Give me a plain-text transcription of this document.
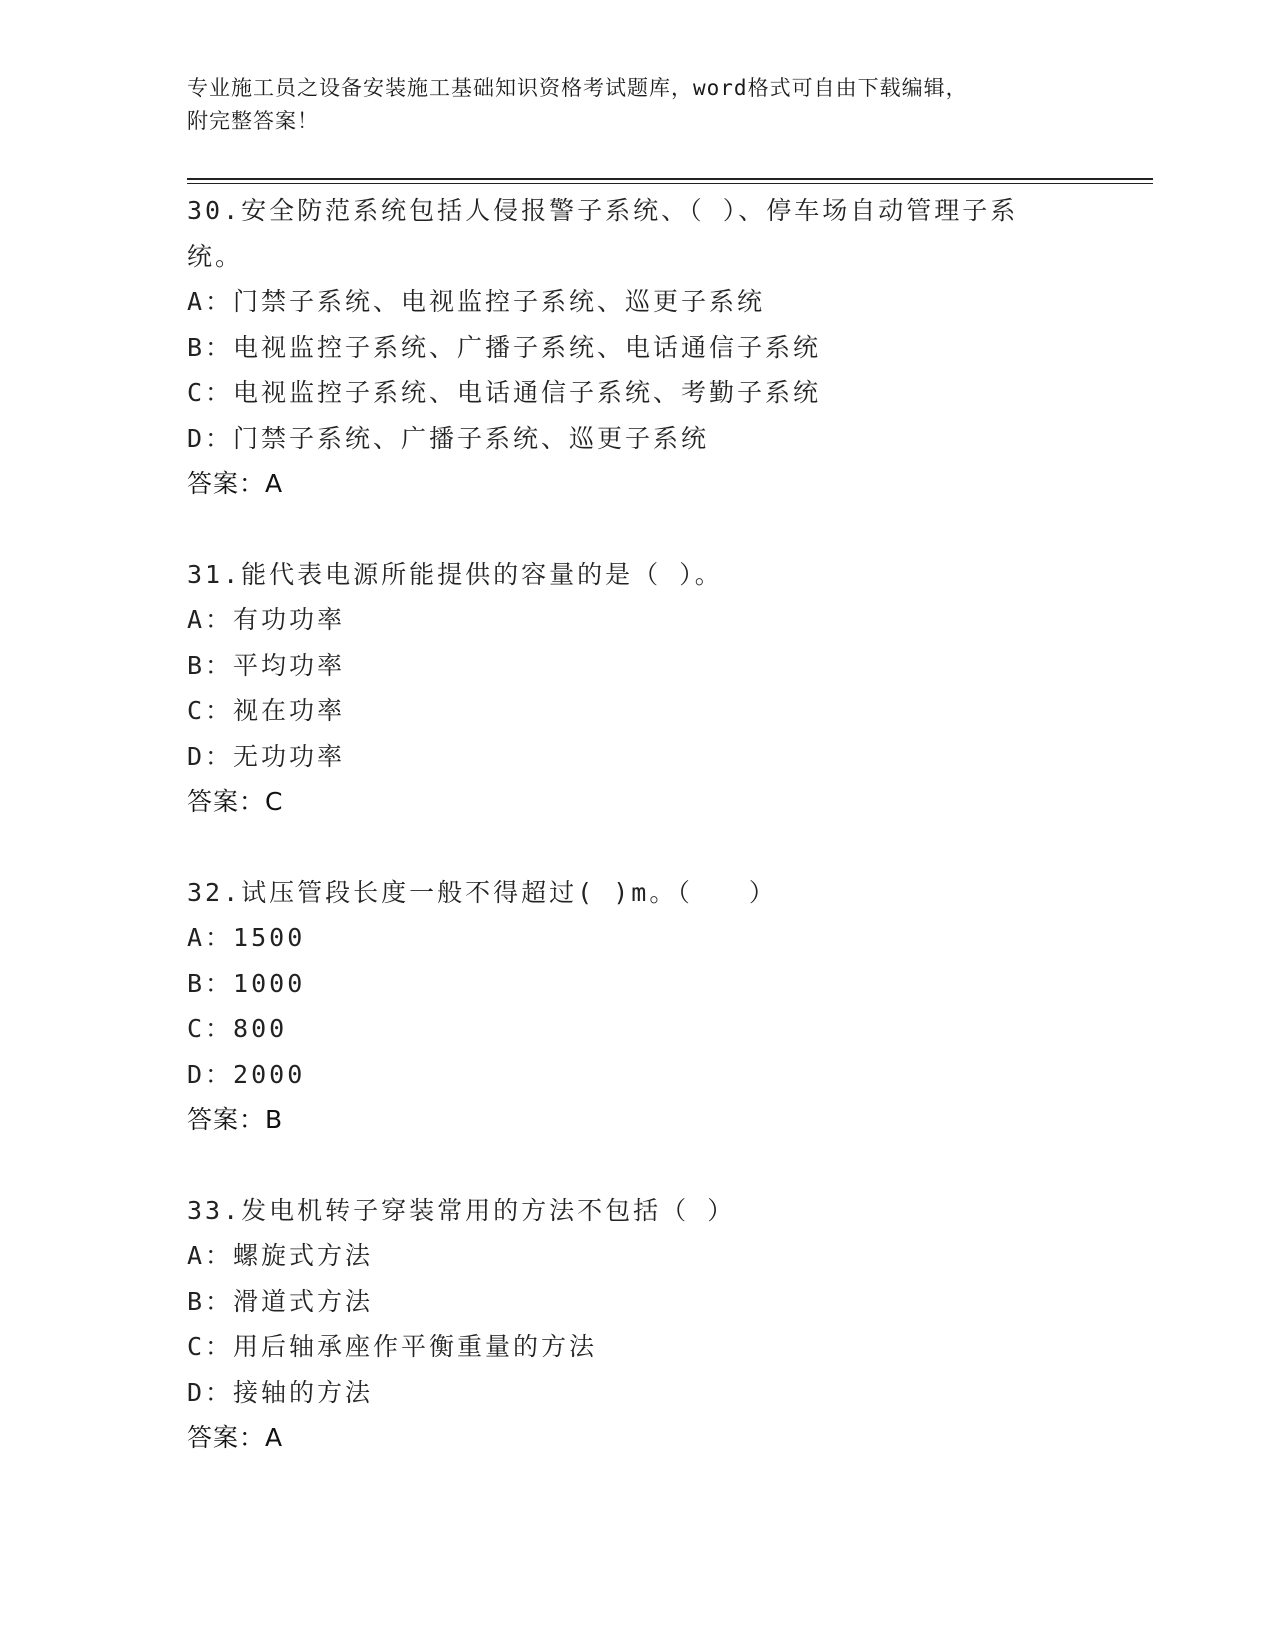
专业施工员之设备安装施工基础知识资格考试题库，word格式可自由下载编辑，
附完整答案！

30.安全防范系统包括人侵报警子系统、（ ）、停车场自动管理子系统。

A：门禁子系统、电视监控子系统、巡更子系统

B：电视监控子系统、广播子系统、电话通信子系统

C：电视监控子系统、电话通信子系统、考勤子系统

D：门禁子系统、广播子系统、巡更子系统

答案：A

31.能代表电源所能提供的容量的是（ ）。

A：有功功率

B：平均功率

C：视在功率

D：无功功率

答案：C

32.试压管段长度一般不得超过( )m。（　　）

A：1500

B：1000

C：800

D：2000

答案：B

33.发电机转子穿装常用的方法不包括（ ）

A：螺旋式方法

B：滑道式方法

C：用后轴承座作平衡重量的方法

D：接轴的方法

答案：A
